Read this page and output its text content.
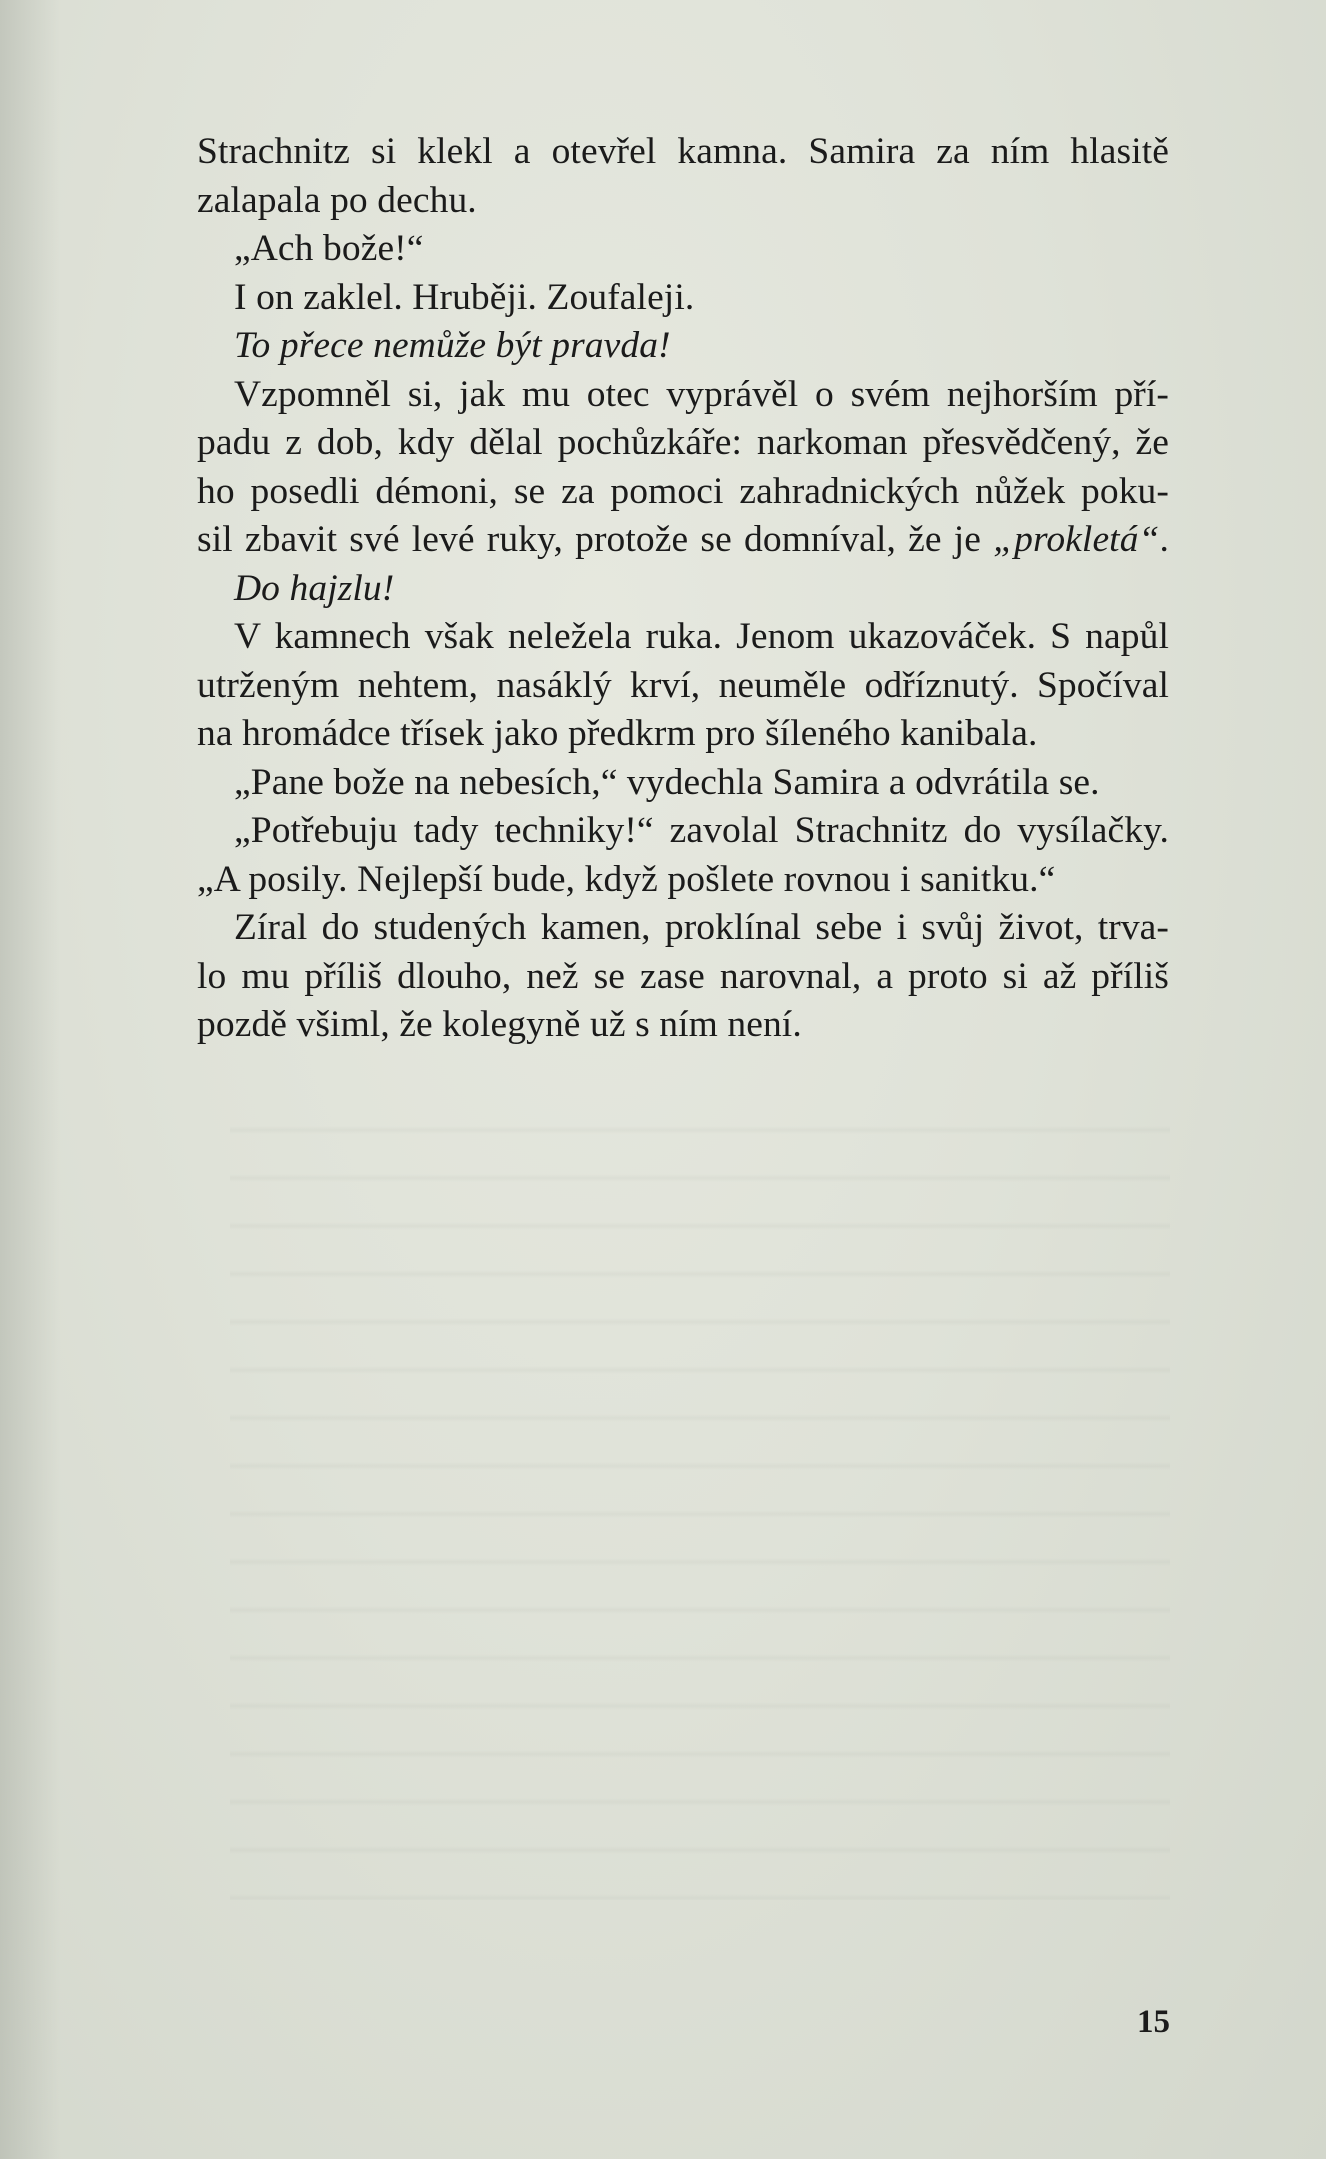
Strachnitz si klekl a otevřel kamna. Samira za ním hlasitě
zalapala po dechu.
„Ach bože!“
I on zaklel. Hruběji. Zoufaleji.
To přece nemůže být pravda!
Vzpomněl si, jak mu otec vyprávěl o svém nejhorším pří-
padu z dob, kdy dělal pochůzkáře: narkoman přesvědčený, že
ho posedli démoni, se za pomoci zahradnických nůžek poku-
sil zbavit své levé ruky, protože se domníval, že je „prokletá“.
Do hajzlu!
V kamnech však neležela ruka. Jenom ukazováček. S napůl
utrženým nehtem, nasáklý krví, neuměle odříznutý. Spočíval
na hromádce třísek jako předkrm pro šíleného kanibala.
„Pane bože na nebesích,“ vydechla Samira a odvrátila se.
„Potřebuju tady techniky!“ zavolal Strachnitz do vysílačky.
„A posily. Nejlepší bude, když pošlete rovnou i sanitku.“
Zíral do studených kamen, proklínal sebe i svůj život, trva-
lo mu příliš dlouho, než se zase narovnal, a proto si až příliš
pozdě všiml, že kolegyně už s ním není.
15
